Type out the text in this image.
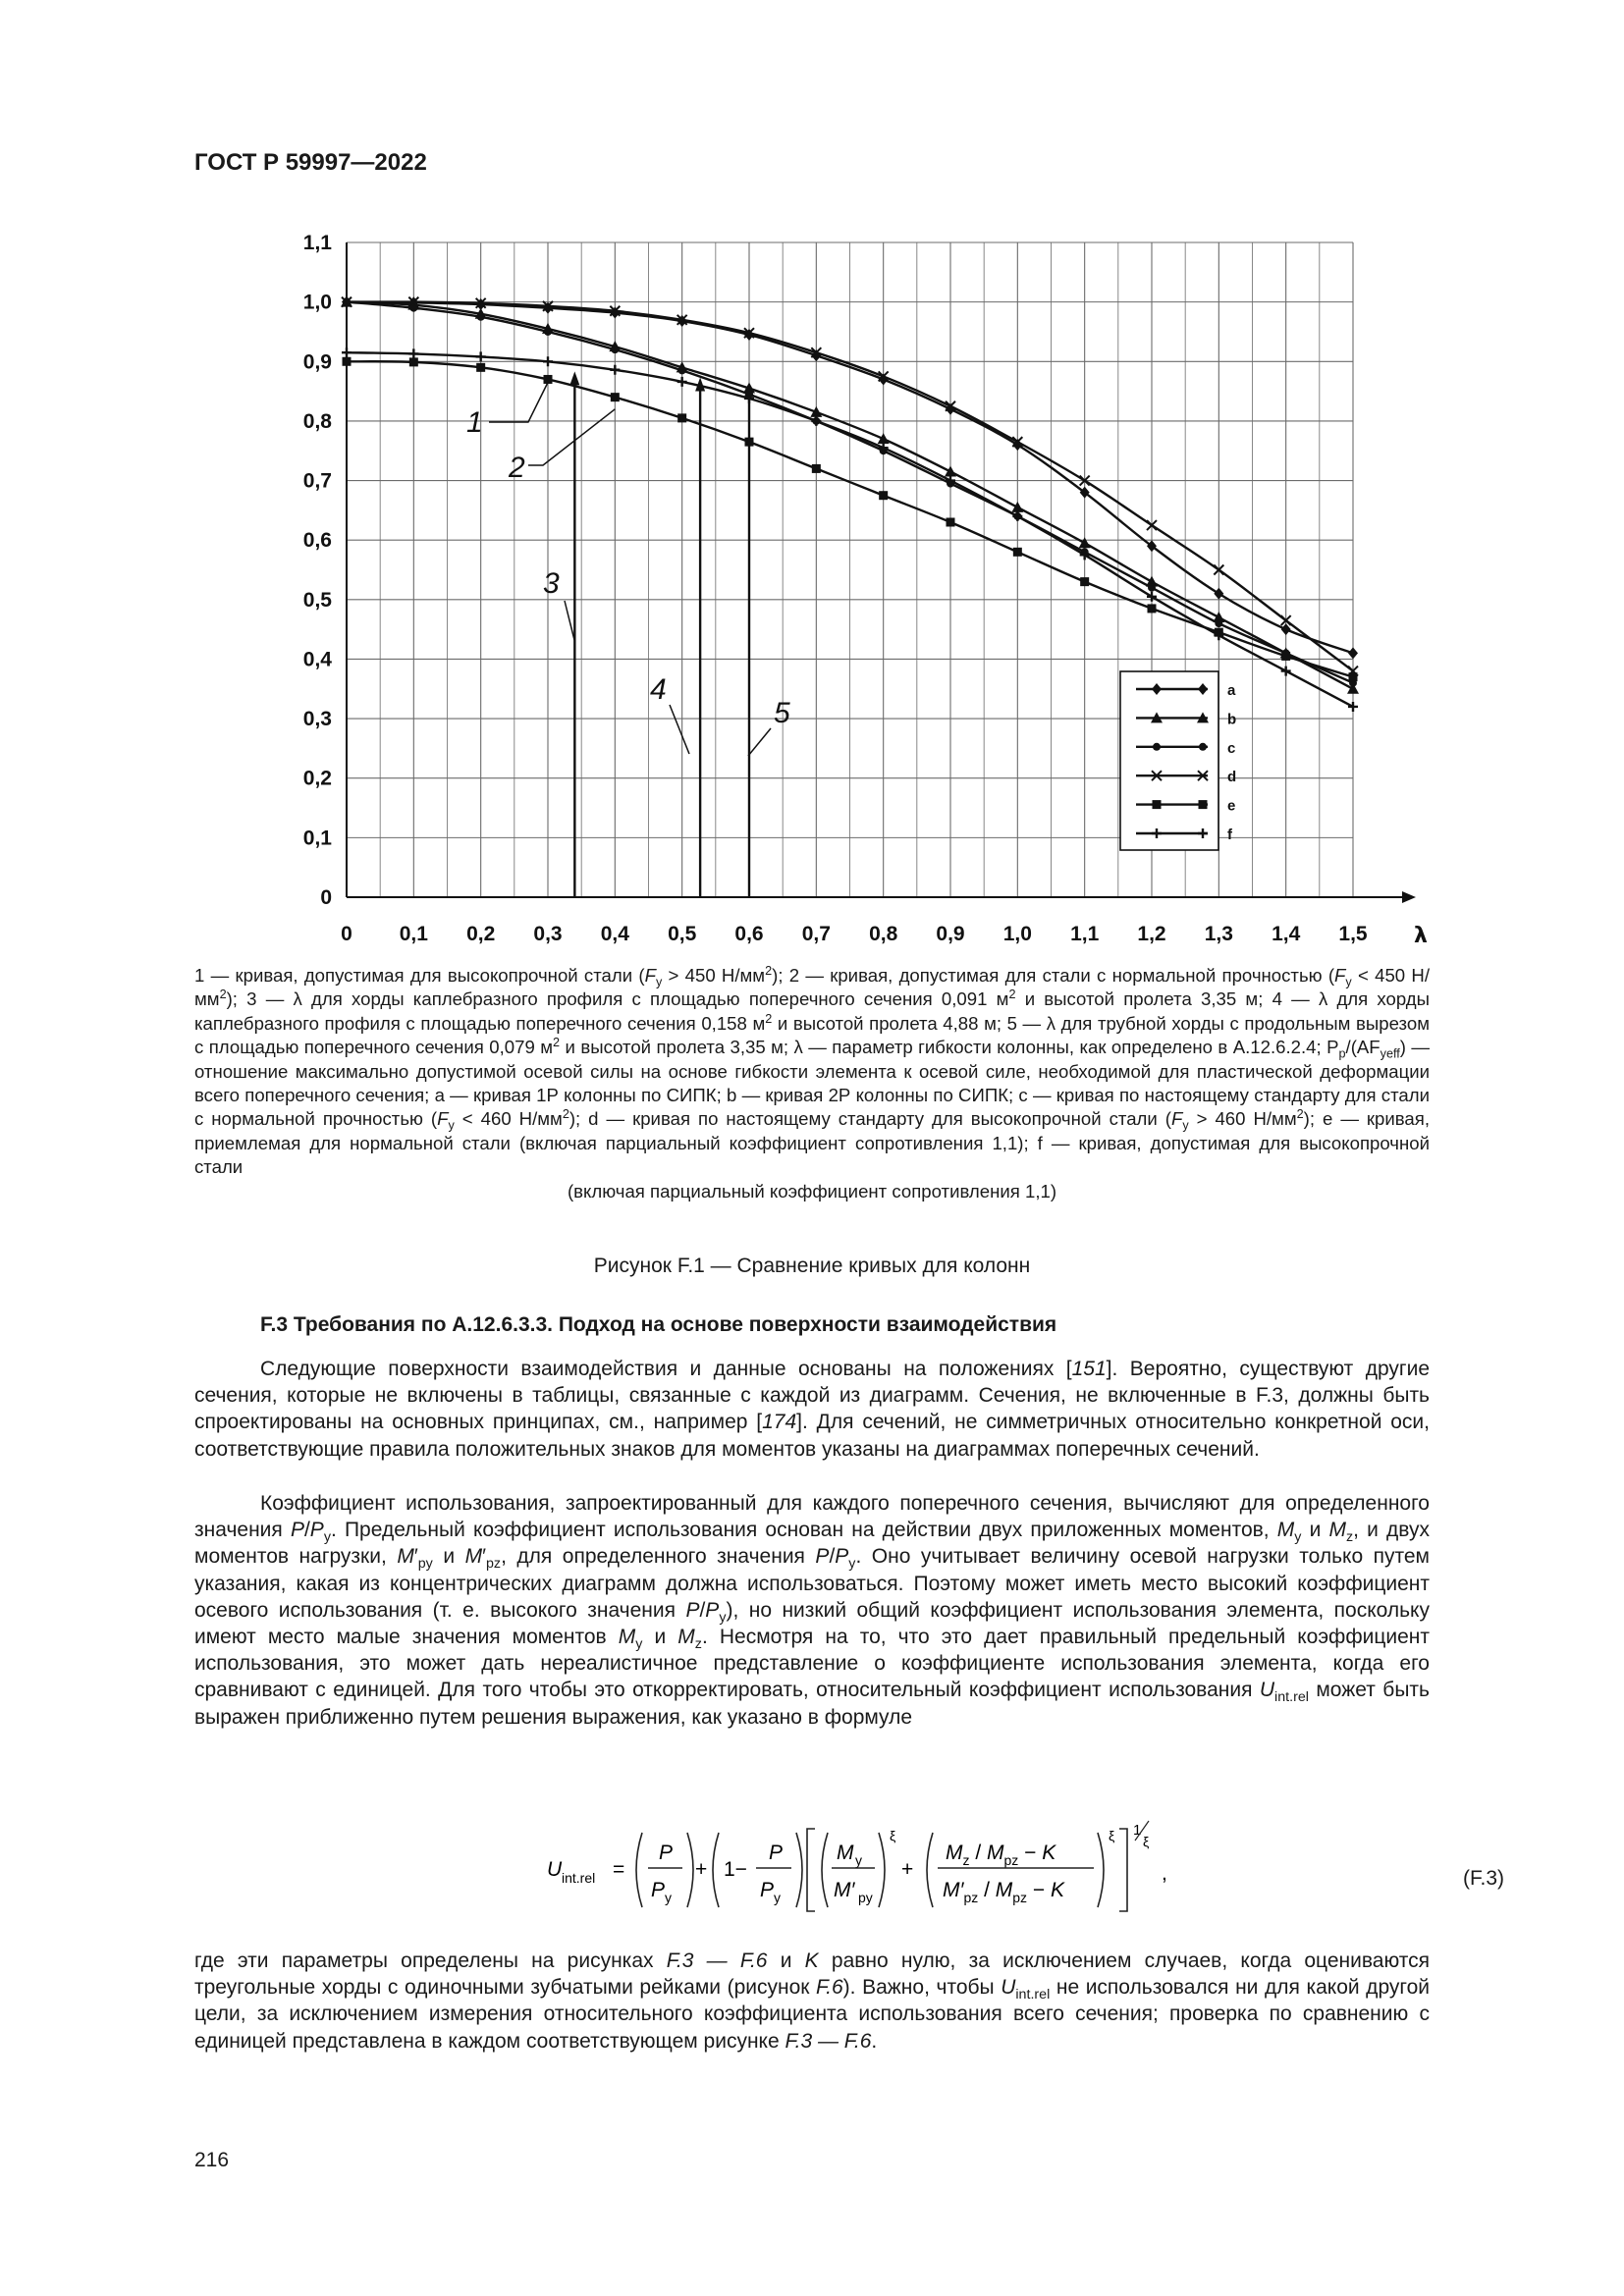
ГОСТ Р 59997—2022
0 0,1 0,2 0,3 0,4 0,5 0,6 0,7 0,8 0,9 1,0 1,1 1,2 1,3 1,4 1,5 λ
0
0,1
0,2
0,3
0,4
0,5
0,6
0,7
0,8
0,9
1,0
1,1
1
2
3
4
5
a
b
c
d
e
f
1 — кривая, допустимая для высокопрочной стали ($F_y > 450$ $Н/мм^2$); 2 — кривая, допустимая для стали с нормальной прочностью ($F_y < 450$ $Н/мм^2$); 3 — λ для хорды каплебразного профиля с площадью поперечного сечения 0,091 $м^2$ и высотой пролета 3,35 м; 4 — λ для хорды каплебразного профиля с площадью поперечного сечения 0,158 $м^2$ и высотой пролета 4,88 м; 5 — λ для трубной хорды с продольным вырезом с площадью поперечного сечения 0,079 $м^2$ и высотой пролета 3,35 м; λ — параметр гибкости колонны, как определено в А.12.6.2.4; $P_p/(AF_{yeff})$ — отношение максимально допустимой осевой силы на основе гибкости элемента к осевой силе, необходимой для пластической деформации всего поперечного сечения; а — кривая 1Р колонны по СИПК; b — кривая 2Р колонны по СИПК; с — кривая по настоящему стандарту для стали с нормальной прочностью ($F_y < 460$ $Н/мм^2$); d — кривая по настоящему стандарту для высокопрочной стали ($F_y > 460$ $Н/мм^2$); е — кривая, приемлемая для нормальной стали (включая парциальный коэффициент сопротивления 1,1); f — кривая, допустимая для высокопрочной стали
(включая парциальный коэффициент сопротивления 1,1)
Рисунок F.1 — Сравнение кривых для колонн
F.3 Требования по А.12.6.3.3. Подход на основе поверхности взаимодействия

Следующие поверхности взаимодействия и данные основаны на положениях [151]. Вероятно, существуют другие сечения, которые не включены в таблицы, связанные с каждой из диаграмм. Сечения, не включенные в F.3, должны быть спроектированы на основных принципах, см., например [174]. Для сечений, не симметричных относительно конкретной оси, соответствующие правила положительных знаков для моментов указаны на диаграммах поперечных сечений.

Коэффициент использования, запроектированный для каждого поперечного сечения, вычисляют для определенного значения $P/P_y$. Предельный коэффициент использования основан на действии двух приложенных моментов, $M_y$ и $M_z$, и двух моментов нагрузки, $M'_{py}$ и $M'_{pz}$, для определенного значения $P/P_y$. Оно учитывает величину осевой нагрузки только путем указания, какая из концентрических диаграмм должна использоваться. Поэтому может иметь место высокий коэффициент осевого использования (т. е. высокого значения $P/P_y$), но низкий общий коэффициент использования элемента, поскольку имеют место малые значения моментов $M_y$ и $M_z$. Несмотря на то, что это дает правильный предельный коэффициент использования, это может дать нереалистичное представление о коэффициенте использования элемента, когда его сравнивают с единицей. Для того чтобы это откорректировать, относительный коэффициент использования $U_{int.rel}$ может быть выражен приближенно путем решения выражения, как указано в формуле

U int.rel =
P
P y
+ 1−
P
P y
M y
M′ py
ξ
+
$M_z / M_{pz} - K$
$M'_{pz} / M_{pz} - K$
ξ 1
ξ
,	(F.3)

где эти параметры определены на рисунках F.3 — F.6 и K равно нулю, за исключением случаев, когда оцениваются треугольные хорды с одиночными зубчатыми рейками (рисунок F.6). Важно, чтобы $U_{int.rel}$ не использовался ни для какой другой цели, за исключением измерения относительного коэффициента использования всего сечения; проверка по сравнению с единицей представлена в каждом соответствующем рисунке F.3 — F.6.

216
